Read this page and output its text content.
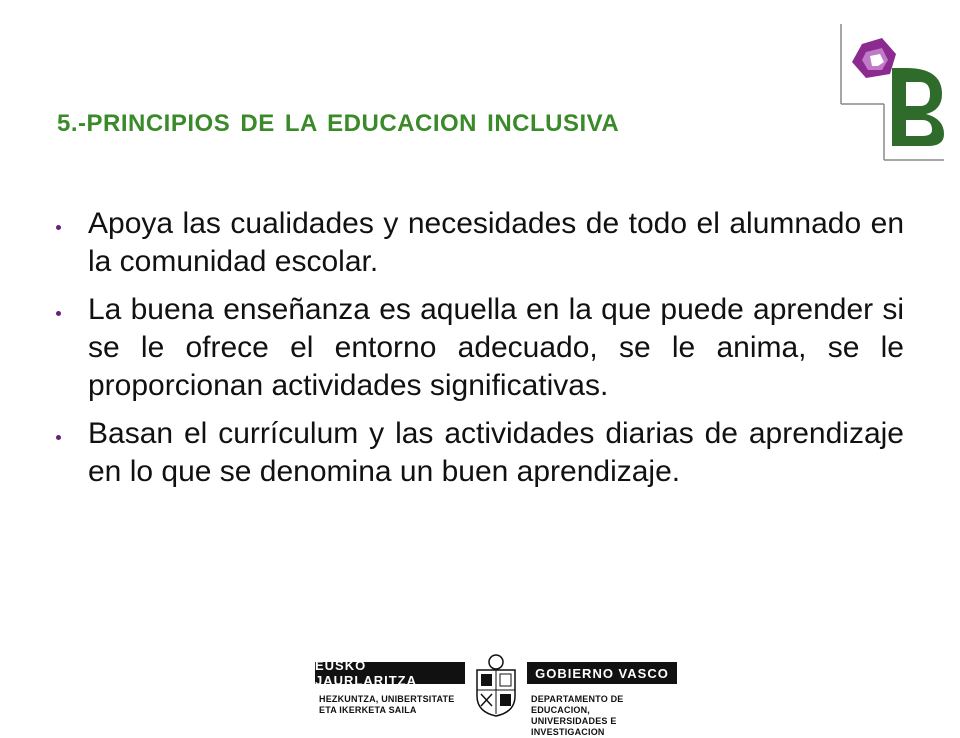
5.-PRINCIPIOS DE LA EDUCACION INCLUSIVA
Apoya las cualidades y necesidades de todo el alumnado en la comunidad escolar.
La buena enseñanza es aquella en la que puede aprender si se le ofrece el entorno adecuado, se le anima, se le proporcionan actividades significativas.
Basan el currículum y las actividades diarias de aprendizaje en lo que se denomina un buen aprendizaje.
EUSKO JAURLARITZA	GOBIERNO VASCO
HEZKUNTZA, UNIBERTSITATE
ETA IKERKETA SAILA
DEPARTAMENTO DE EDUCACION,
UNIVERSIDADES E INVESTIGACION
